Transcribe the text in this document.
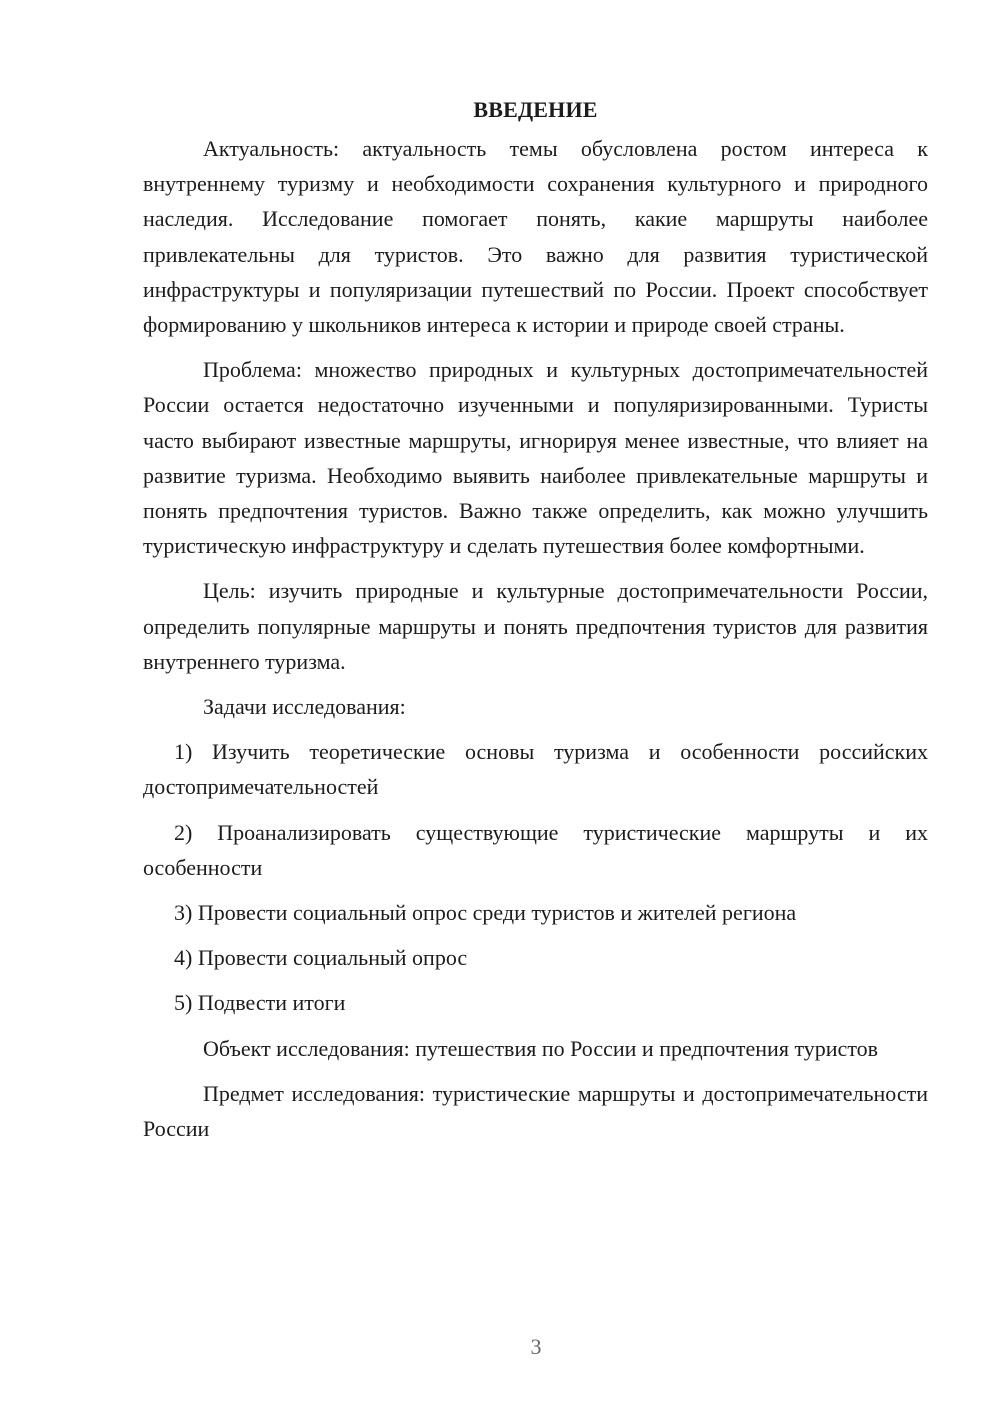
ВВЕДЕНИЕ

Актуальность: актуальность темы обусловлена ростом интереса к внутреннему туризму и необходимости сохранения культурного и природного наследия. Исследование помогает понять, какие маршруты наиболее привлекательны для туристов. Это важно для развития туристической инфраструктуры и популяризации путешествий по России. Проект способствует формированию у школьников интереса к истории и природе своей страны.

Проблема: множество природных и культурных достопримечательностей России остается недостаточно изученными и популяризированными. Туристы часто выбирают известные маршруты, игнорируя менее известные, что влияет на развитие туризма. Необходимо выявить наиболее привлекательные маршруты и понять предпочтения туристов. Важно также определить, как можно улучшить туристическую инфраструктуру и сделать путешествия более комфортными.

Цель: изучить природные и культурные достопримечательности России, определить популярные маршруты и понять предпочтения туристов для развития внутреннего туризма.

Задачи исследования:

1) Изучить теоретические основы туризма и особенности российских достопримечательностей

2) Проанализировать существующие туристические маршруты и их особенности

3) Провести социальный опрос среди туристов и жителей региона

4) Провести социальный опрос

5) Подвести итоги

Объект исследования: путешествия по России и предпочтения туристов

Предмет исследования: туристические маршруты и достопримечательности России

3
